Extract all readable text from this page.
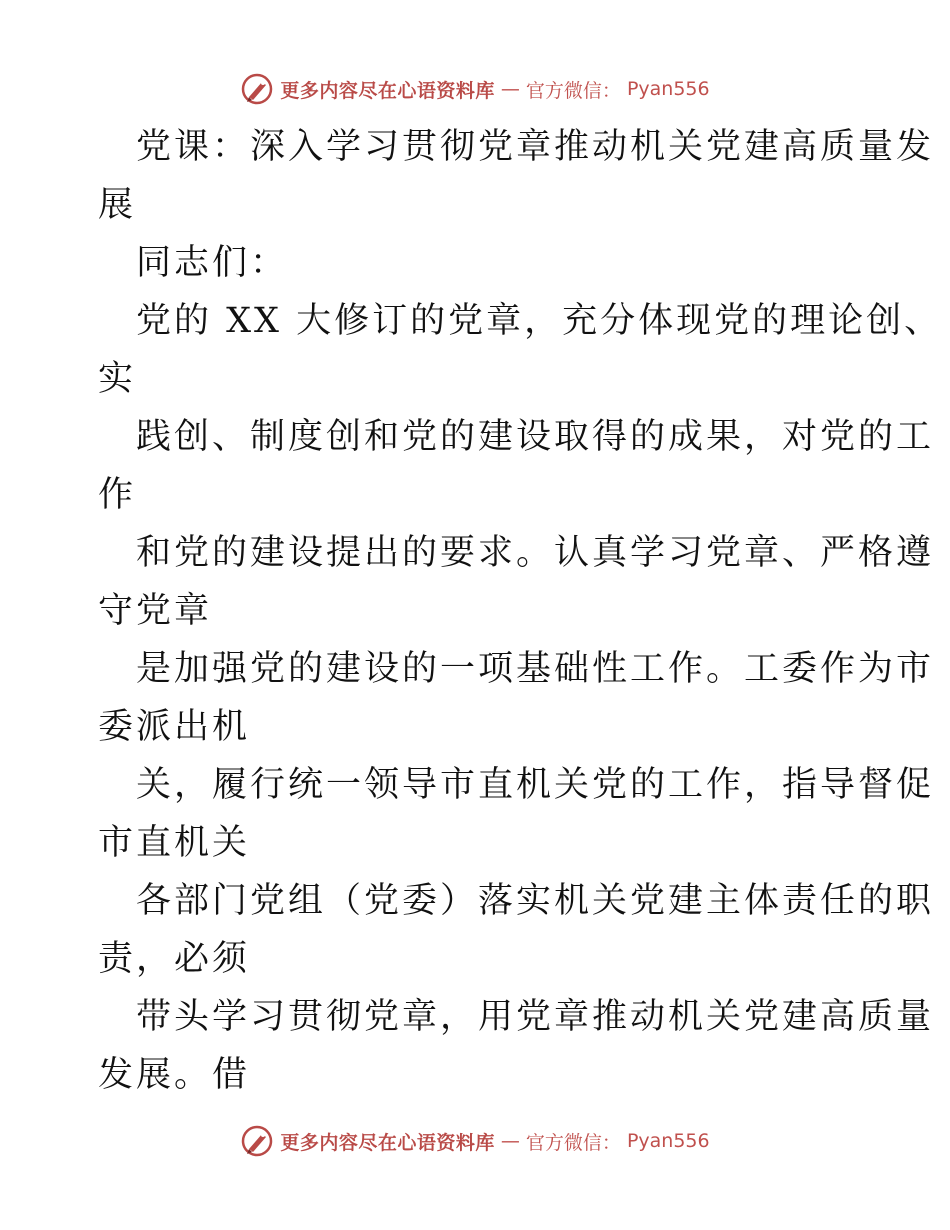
更多内容尽在心语资料库 — 官方微信： Pyan556
党课：深入学习贯彻党章推动机关党建高质量发
展
同志们：
党的 XX 大修订的党章，充分体现党的理论创、
实
践创、制度创和党的建设取得的成果，对党的工
作
和党的建设提出的要求。认真学习党章、严格遵
守党章
是加强党的建设的一项基础性工作。工委作为市
委派出机
关，履行统一领导市直机关党的工作，指导督促
市直机关
各部门党组（党委）落实机关党建主体责任的职
责，必须
带头学习贯彻党章，用党章推动机关党建高质量
发展。借
更多内容尽在心语资料库 — 官方微信： Pyan556
